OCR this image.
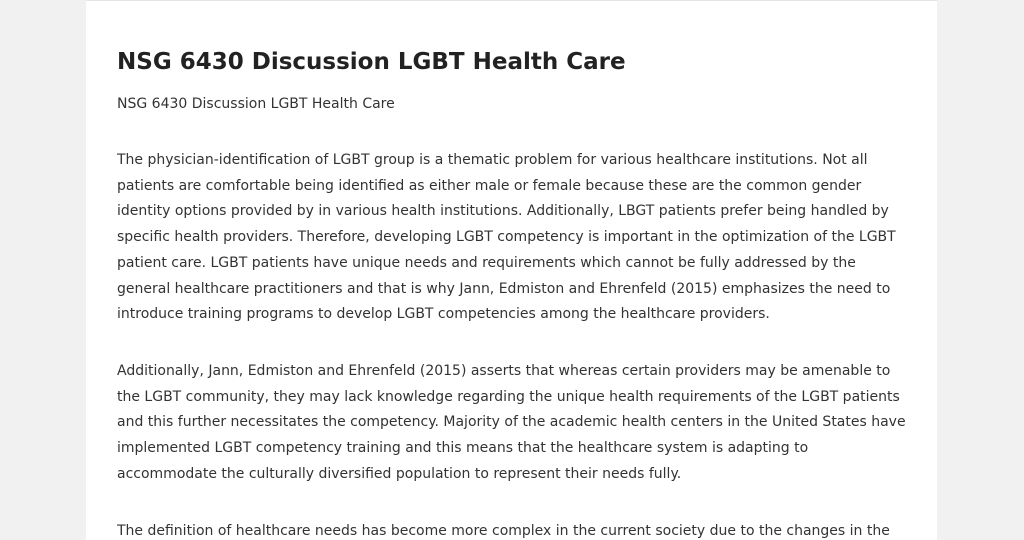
NSG 6430 Discussion LGBT Health Care

NSG 6430 Discussion LGBT Health Care

The physician-identification of LGBT group is a thematic problem for various healthcare institutions. Not all
patients are comfortable being identified as either male or female because these are the common gender
identity options provided by in various health institutions. Additionally, LBGT patients prefer being handled by
specific health providers. Therefore, developing LGBT competency is important in the optimization of the LGBT
patient care. LGBT patients have unique needs and requirements which cannot be fully addressed by the
general healthcare practitioners and that is why Jann, Edmiston and Ehrenfeld (2015) emphasizes the need to
introduce training programs to develop LGBT competencies among the healthcare providers.

Additionally, Jann, Edmiston and Ehrenfeld (2015) asserts that whereas certain providers may be amenable to
the LGBT community, they may lack knowledge regarding the unique health requirements of the LGBT patients
and this further necessitates the competency. Majority of the academic health centers in the United States have
implemented LGBT competency training and this means that the healthcare system is adapting to
accommodate the culturally diversified population to represent their needs fully.

The definition of healthcare needs has become more complex in the current society due to the changes in the
